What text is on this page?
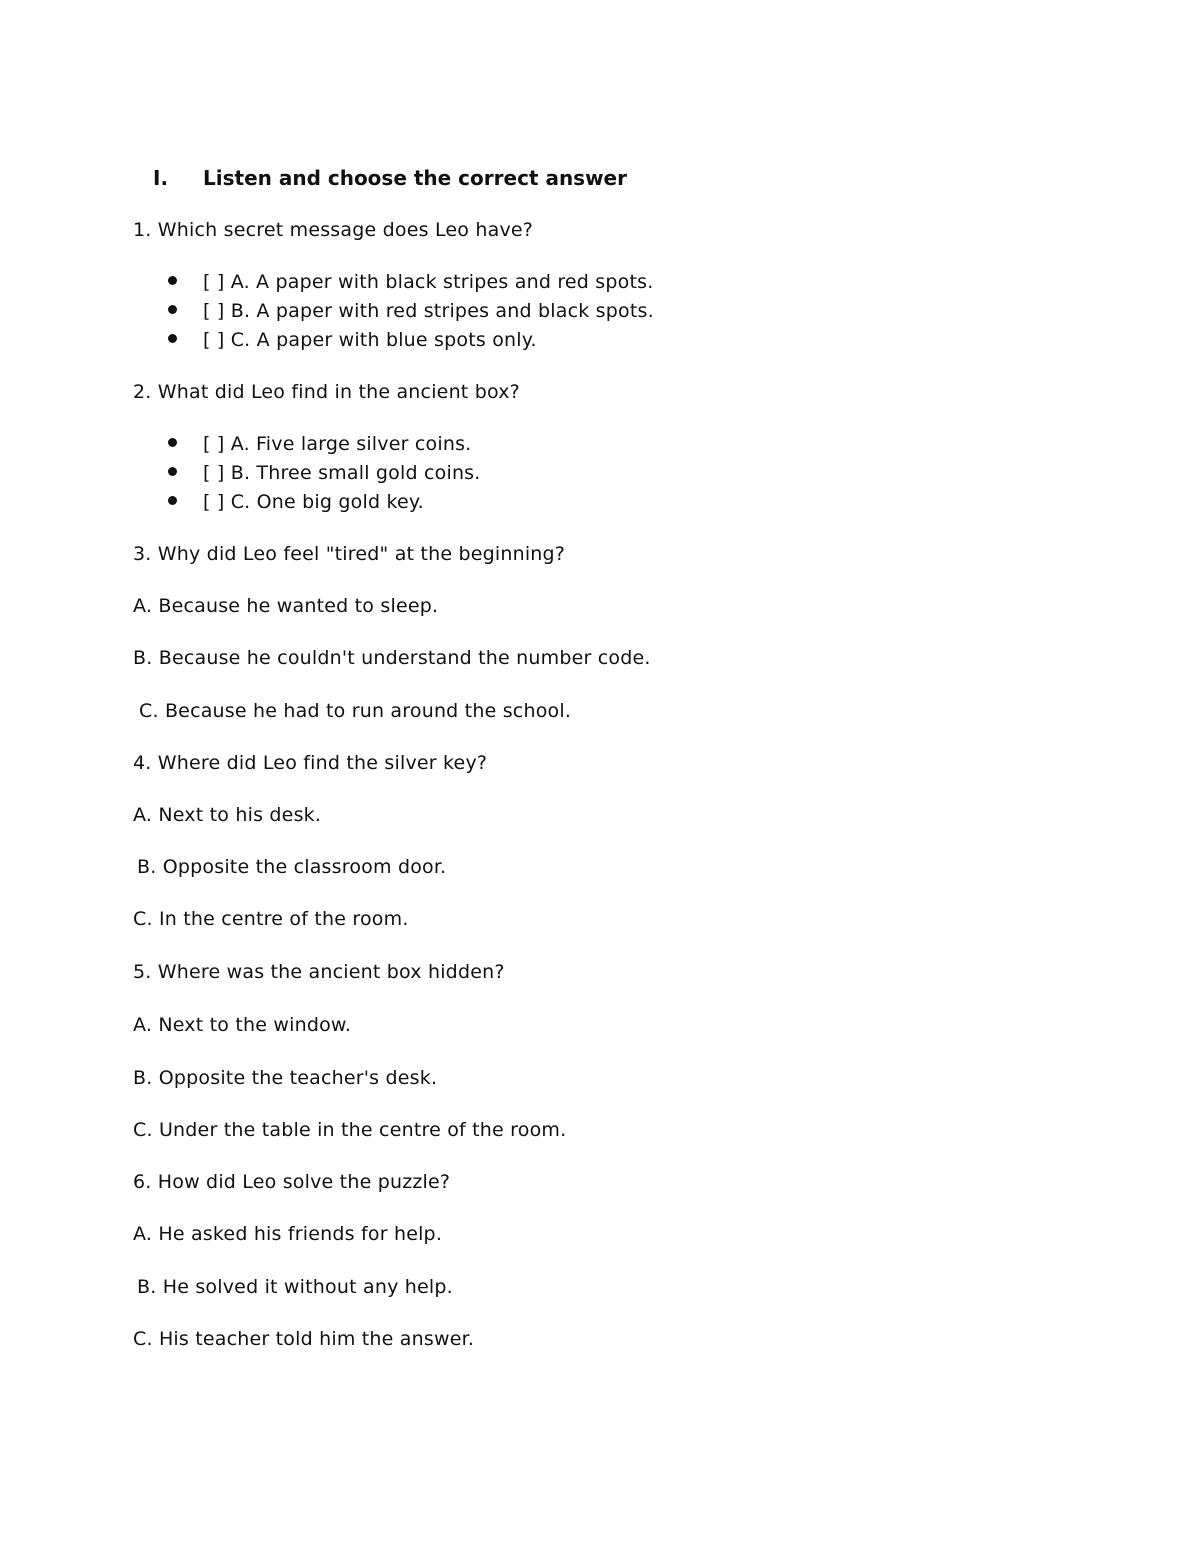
I. Listen and choose the correct answer
1. Which secret message does Leo have?
[ ] A. A paper with black stripes and red spots.
[ ] B. A paper with red stripes and black spots.
[ ] C. A paper with blue spots only.
2. What did Leo find in the ancient box?
[ ] A. Five large silver coins.
[ ] B. Three small gold coins.
[ ] C. One big gold key.
3. Why did Leo feel "tired" at the beginning?
A. Because he wanted to sleep.
B. Because he couldn't understand the number code.
C. Because he had to run around the school.
4. Where did Leo find the silver key?
A. Next to his desk.
B. Opposite the classroom door.
C. In the centre of the room.
5. Where was the ancient box hidden?
A. Next to the window.
B. Opposite the teacher's desk.
C. Under the table in the centre of the room.
6. How did Leo solve the puzzle?
A. He asked his friends for help.
B. He solved it without any help.
C. His teacher told him the answer.
